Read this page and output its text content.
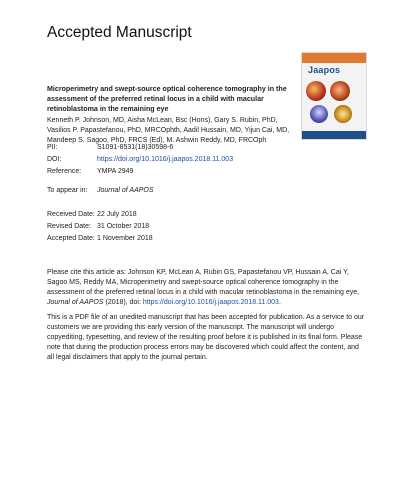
Accepted Manuscript
Jaapos

Microperimetry and swept-source optical coherence tomography in the assessment of the preferred retinal locus in a child with macular retinoblastoma in the remaining eye

Kenneth P. Johnson, MD, Aisha McLean, Bsc (Hons), Gary S. Rubin, PhD, Vasilios P. Papastefanou, PhD, MRCOphth, Aadil Hussain, MD, Yijun Cai, MD, Mandeep S. Sagoo, PhD, FRCS (Ed), M. Ashwin Reddy, MD, FRCOph

PII:	S1091-8531(18)30598-6
DOI:	https://doi.org/10.1016/j.jaapos.2018.11.003
Reference: YMPA 2949
To appear in: Journal of AAPOS
Received Date: 22 July 2018
Revised Date: 31 October 2018
Accepted Date: 1 November 2018

Please cite this article as: Johnson KP, McLean A, Rubin GS, Papastefanou VP, Hussain A, Cai Y, Sagoo MS, Reddy MA, Microperimetry and swept-source optical coherence tomography in the assessment of the preferred retinal locus in a child with macular retinoblastoma in the remaining eye, Journal of AAPOS (2018), doi: https://doi.org/10.1016/j.jaapos.2018.11.003.

This is a PDF file of an unedited manuscript that has been accepted for publication. As a service to our customers we are providing this early version of the manuscript. The manuscript will undergo copyediting, typesetting, and review of the resulting proof before it is published in its final form. Please note that during the production process errors may be discovered which could affect the content, and all legal disclaimers that apply to the journal pertain.
